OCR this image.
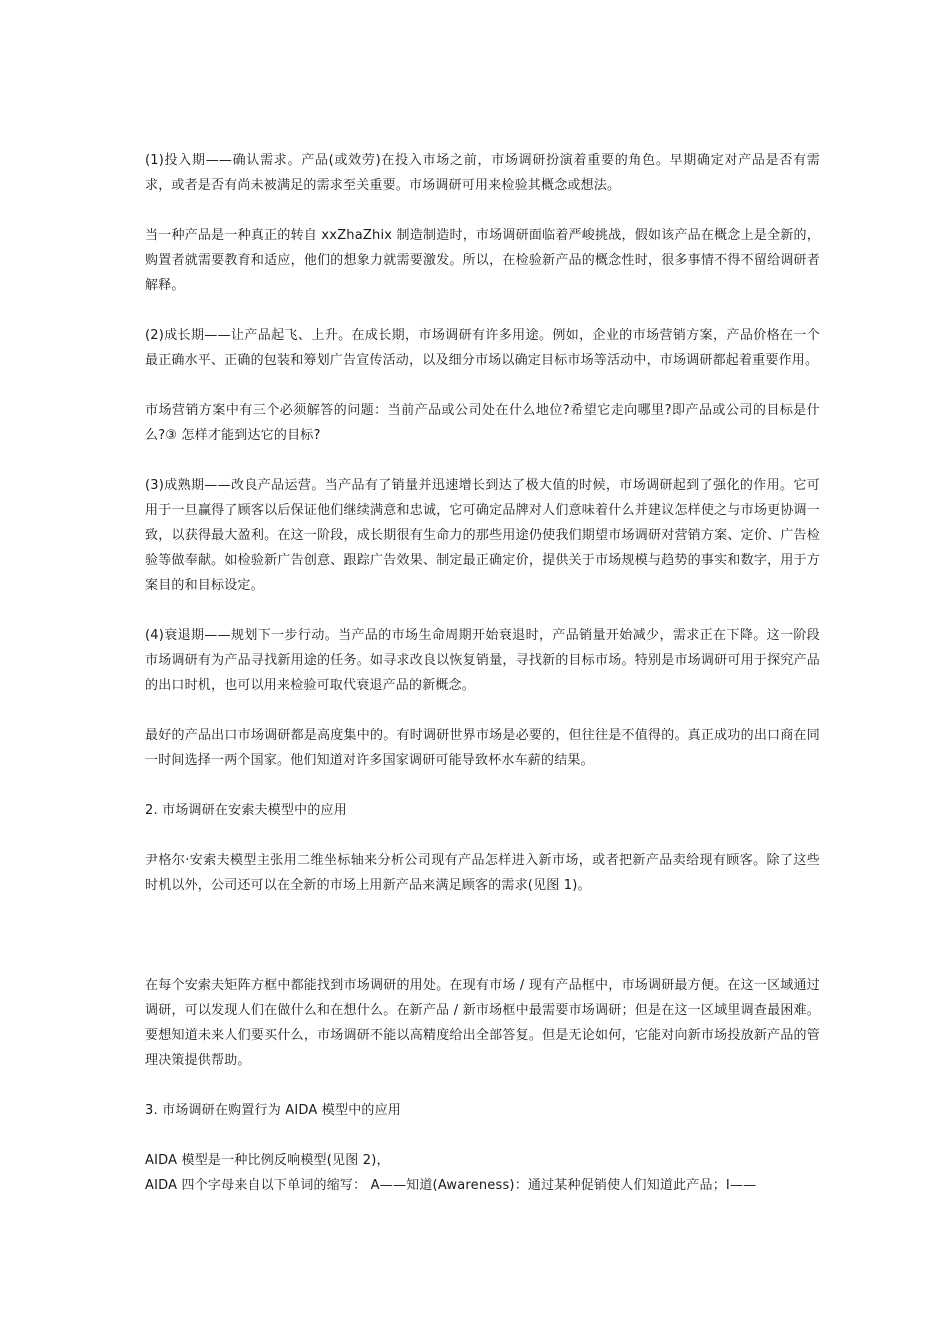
(1)投入期——确认需求。产品(或效劳)在投入市场之前，市场调研扮演着重要的角色。早期确定对产品是否有需求，或者是否有尚未被满足的需求至关重要。市场调研可用来检验其概念或想法。

当一种产品是一种真正的转自 xxZhaZhix 制造制造时，市场调研面临着严峻挑战，假如该产品在概念上是全新的，购置者就需要教育和适应，他们的想象力就需要激发。所以，在检验新产品的概念性时，很多事情不得不留给调研者解释。

(2)成长期——让产品起飞、上升。在成长期，市场调研有许多用途。例如，企业的市场营销方案，产品价格在一个最正确水平、正确的包装和筹划广告宣传活动，以及细分市场以确定目标市场等活动中，市场调研都起着重要作用。

市场营销方案中有三个必须解答的问题：当前产品或公司处在什么地位?希望它走向哪里?即产品或公司的目标是什么?③ 怎样才能到达它的目标?

(3)成熟期——改良产品运营。当产品有了销量并迅速增长到达了极大值的时候，市场调研起到了强化的作用。它可用于一旦赢得了顾客以后保证他们继续满意和忠诚，它可确定品牌对人们意味着什么并建议怎样使之与市场更协调一致，以获得最大盈利。在这一阶段，成长期很有生命力的那些用途仍使我们期望市场调研对营销方案、定价、广告检验等做奉献。如检验新广告创意、跟踪广告效果、制定最正确定价，提供关于市场规模与趋势的事实和数字，用于方案目的和目标设定。

(4)衰退期——规划下一步行动。当产品的市场生命周期开始衰退时，产品销量开始减少，需求正在下降。这一阶段市场调研有为产品寻找新用途的任务。如寻求改良以恢复销量，寻找新的目标市场。特别是市场调研可用于探究产品的出口时机，也可以用来检验可取代衰退产品的新概念。

最好的产品出口市场调研都是高度集中的。有时调研世界市场是必要的，但往往是不值得的。真正成功的出口商在同一时间选择一两个国家。他们知道对许多国家调研可能导致杯水车薪的结果。

2. 市场调研在安索夫模型中的应用

尹格尔·安索夫模型主张用二维坐标轴来分析公司现有产品怎样进入新市场，或者把新产品卖给现有顾客。除了这些时机以外，公司还可以在全新的市场上用新产品来满足顾客的需求(见图 1)。

在每个安索夫矩阵方框中都能找到市场调研的用处。在现有市场 / 现有产品框中，市场调研最方便。在这一区域通过调研，可以发现人们在做什么和在想什么。在新产品 / 新市场框中最需要市场调研；但是在这一区域里调查最困难。要想知道未来人们要买什么，市场调研不能以高精度给出全部答复。但是无论如何，它能对向新市场投放新产品的管理决策提供帮助。

3. 市场调研在购置行为 AIDA 模型中的应用

AIDA 模型是一种比例反响模型(见图 2)，

AIDA 四个字母来自以下单词的缩写： A——知道(Awareness)：通过某种促销使人们知道此产品；I——
